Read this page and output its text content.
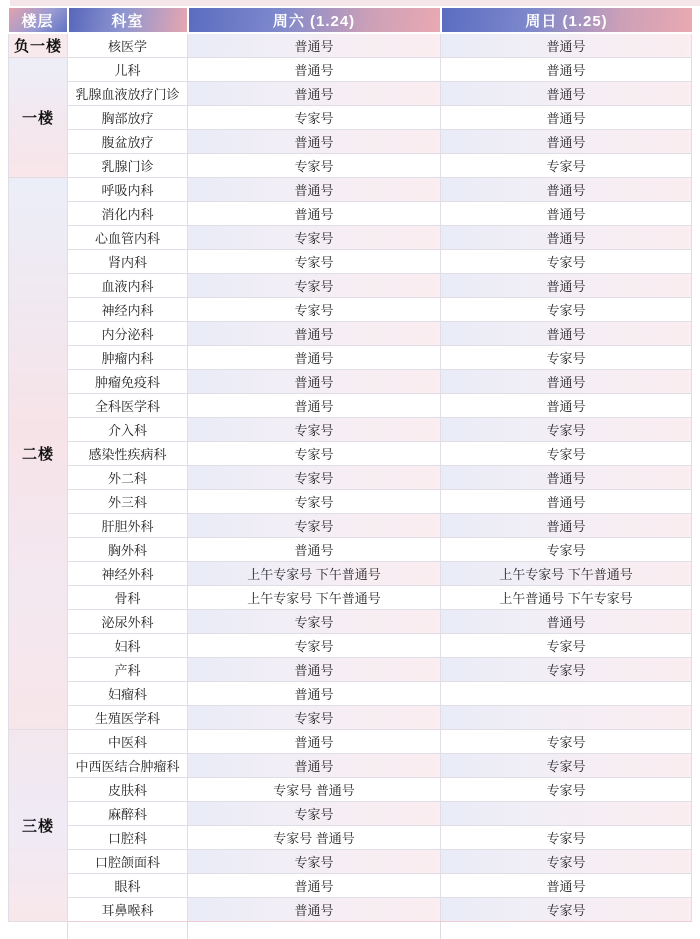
楼层	科室	周六 (1.24)	周日 (1.25)
负一楼	核医学	普通号	普通号
一楼	儿科	普通号	普通号
	乳腺血液放疗门诊	普通号	普通号
	胸部放疗	专家号	普通号
	腹盆放疗	普通号	普通号
	乳腺门诊	专家号	专家号
二楼	呼吸内科	普通号	普通号
	消化内科	普通号	普通号
	心血管内科	专家号	普通号
	肾内科	专家号	专家号
	血液内科	专家号	普通号
	神经内科	专家号	专家号
	内分泌科	普通号	普通号
	肿瘤内科	普通号	专家号
	肿瘤免疫科	普通号	普通号
	全科医学科	普通号	普通号
	介入科	专家号	专家号
	感染性疾病科	专家号	专家号
	外二科	专家号	普通号
	外三科	专家号	普通号
	肝胆外科	专家号	普通号
	胸外科	普通号	专家号
	神经外科	上午专家号 下午普通号	上午专家号 下午普通号
	骨科	上午专家号 下午普通号	上午普通号 下午专家号
	泌尿外科	专家号	普通号
	妇科	专家号	专家号
	产科	普通号	专家号
	妇瘤科	普通号	
	生殖医学科	专家号	
三楼	中医科	普通号	专家号
	中西医结合肿瘤科	普通号	专家号
	皮肤科	专家号 普通号	专家号
	麻醉科	专家号	
	口腔科	专家号 普通号	专家号
	口腔颌面科	专家号	专家号
	眼科	普通号	普通号
	耳鼻喉科	普通号	专家号
